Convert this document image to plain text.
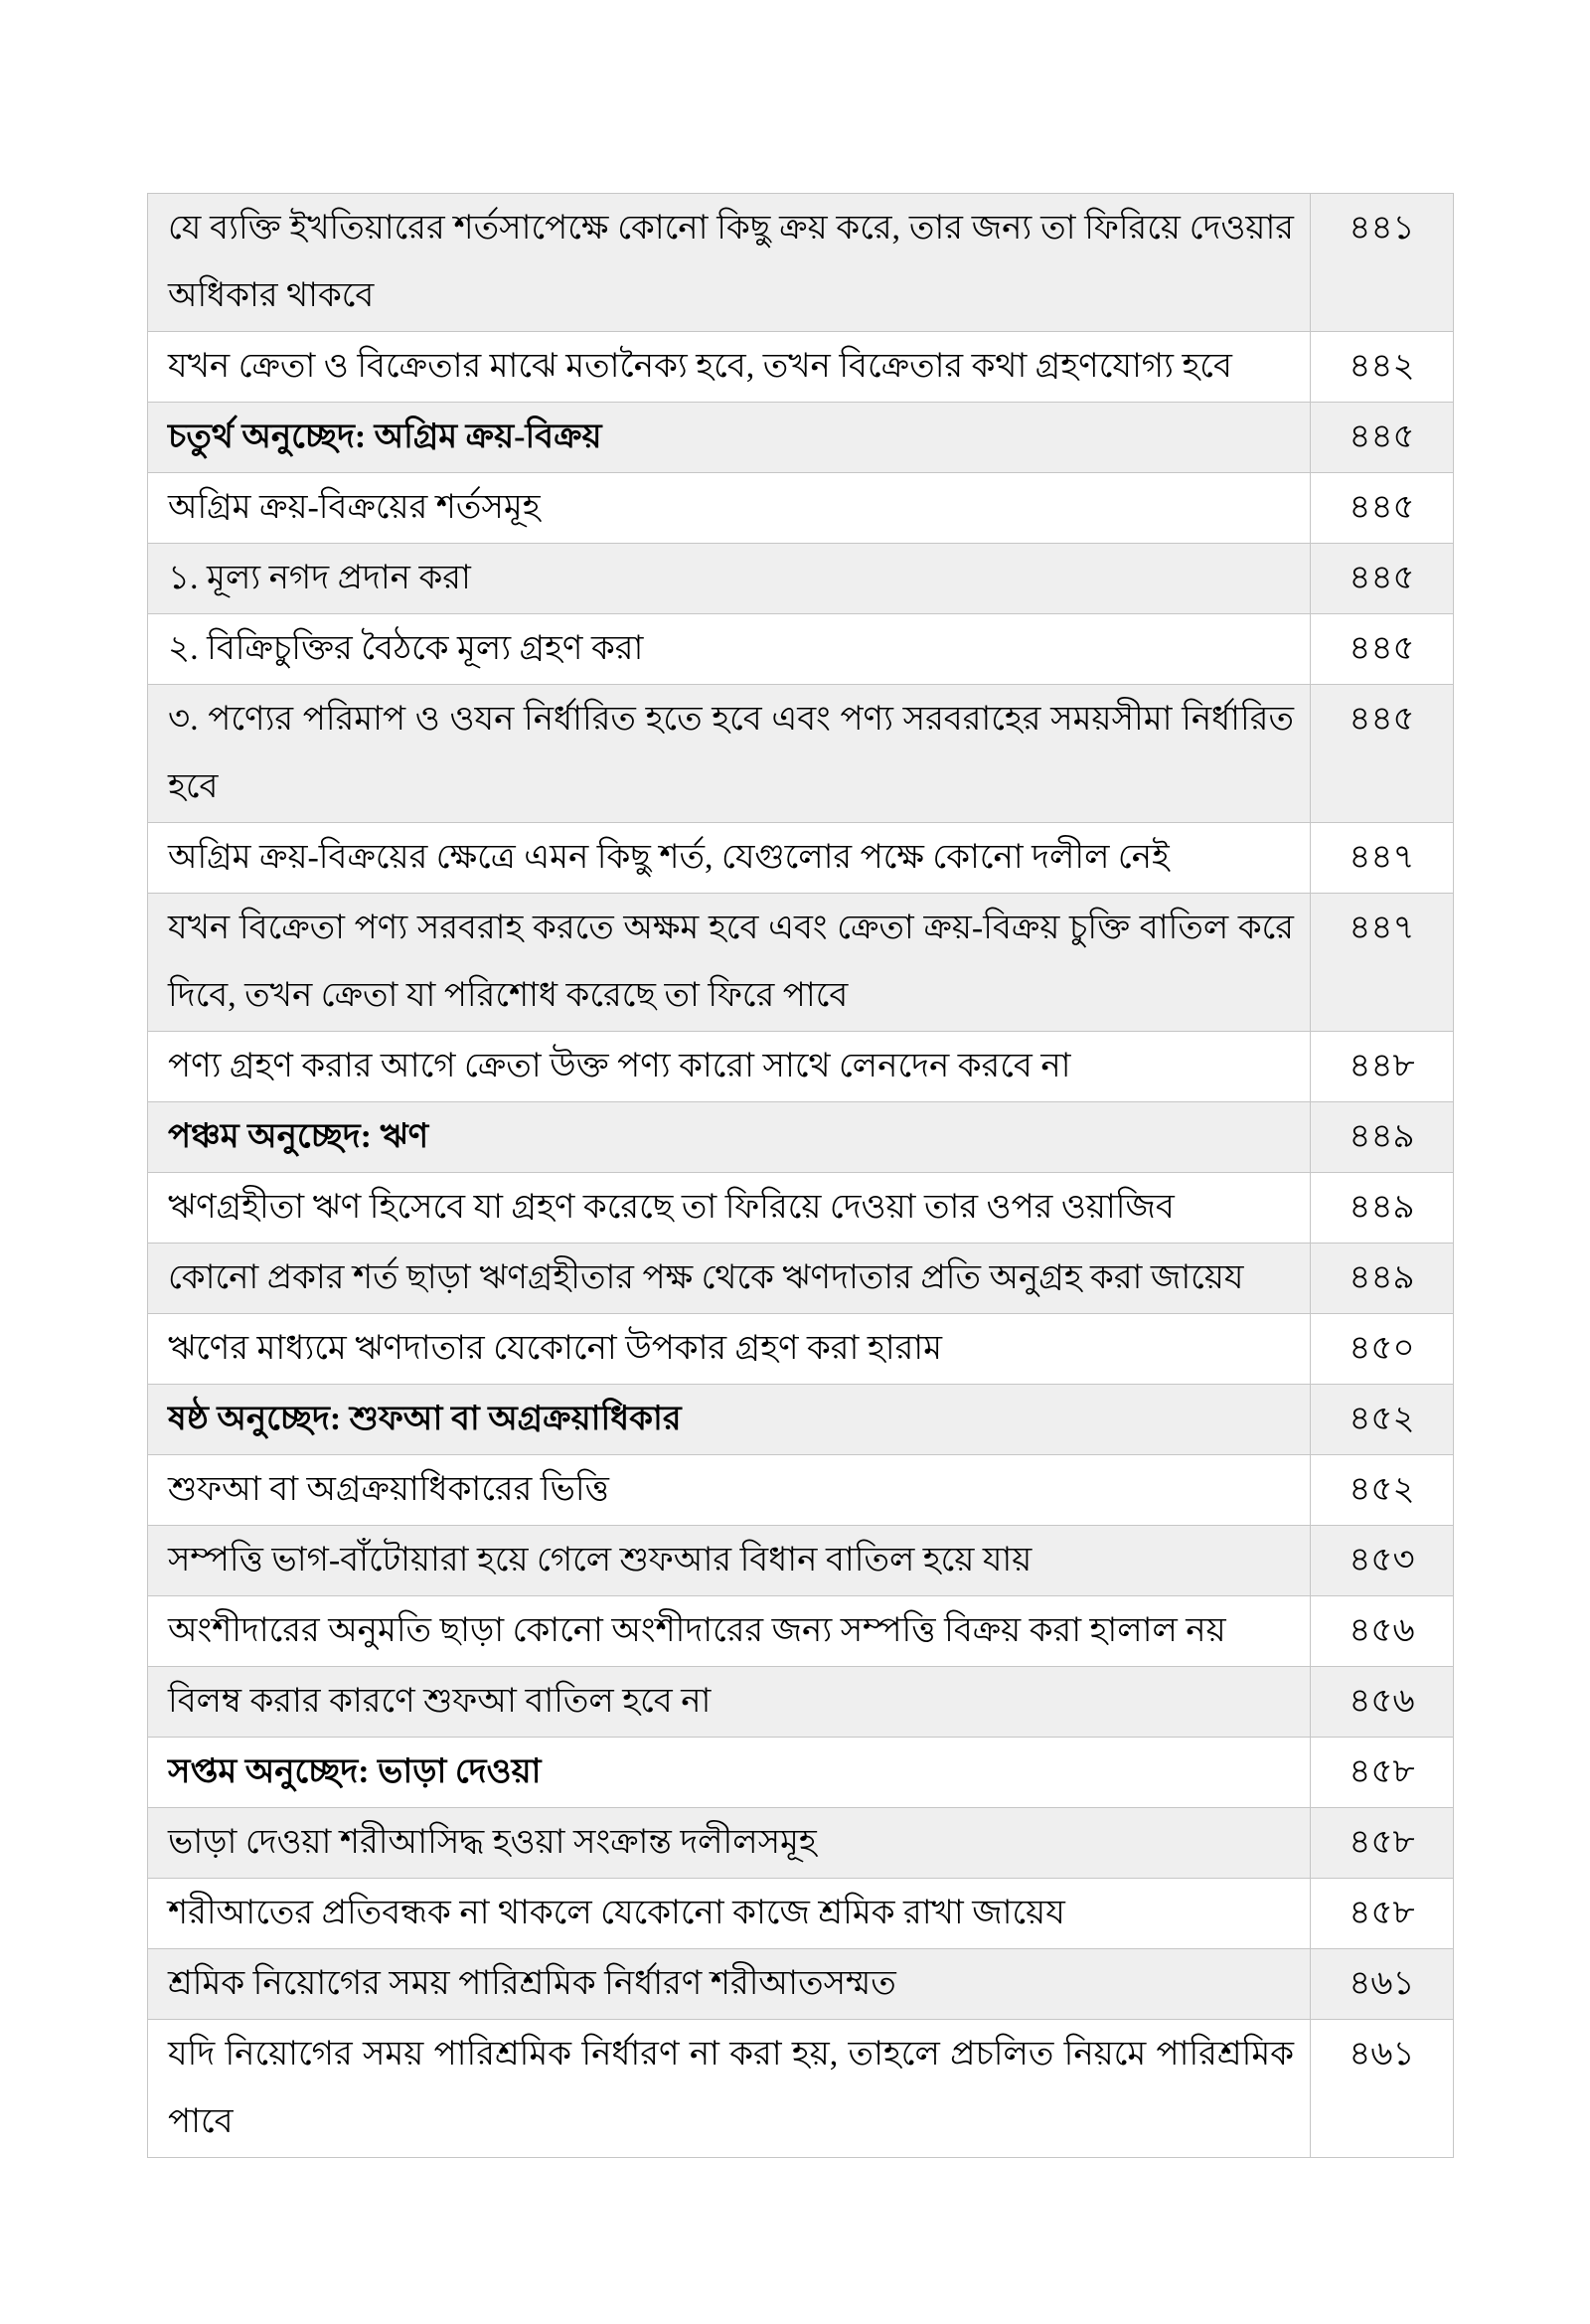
যে ব্যক্তি ইখতিয়ারের শর্তসাপেক্ষে কোনো কিছু ক্রয় করে, তার জন্য তা ফিরিয়ে দেওয়ার অধিকার থাকবে	৪৪১
যখন ক্রেতা ও বিক্রেতার মাঝে মতানৈক্য হবে, তখন বিক্রেতার কথা গ্রহণযোগ্য হবে	৪৪২
চতুর্থ অনুচ্ছেদ: অগ্রিম ক্রয়-বিক্রয়	৪৪৫
অগ্রিম ক্রয়-বিক্রয়ের শর্তসমূহ	৪৪৫
১. মূল্য নগদ প্রদান করা	৪৪৫
২. বিক্রিচুক্তির বৈঠকে মূল্য গ্রহণ করা	৪৪৫
৩. পণ্যের পরিমাপ ও ওযন নির্ধারিত হতে হবে এবং পণ্য সরবরাহের সময়সীমা নির্ধারিত হবে	৪৪৫
অগ্রিম ক্রয়-বিক্রয়ের ক্ষেত্রে এমন কিছু শর্ত, যেগুলোর পক্ষে কোনো দলীল নেই	৪৪৭
যখন বিক্রেতা পণ্য সরবরাহ করতে অক্ষম হবে এবং ক্রেতা ক্রয়-বিক্রয় চুক্তি বাতিল করে দিবে, তখন ক্রেতা যা পরিশোধ করেছে তা ফিরে পাবে	৪৪৭
পণ্য গ্রহণ করার আগে ক্রেতা উক্ত পণ্য কারো সাথে লেনদেন করবে না	৪৪৮
পঞ্চম অনুচ্ছেদ: ঋণ	৪৪৯
ঋণগ্রহীতা ঋণ হিসেবে যা গ্রহণ করেছে তা ফিরিয়ে দেওয়া তার ওপর ওয়াজিব	৪৪৯
কোনো প্রকার শর্ত ছাড়া ঋণগ্রহীতার পক্ষ থেকে ঋণদাতার প্রতি অনুগ্রহ করা জায়েয	৪৪৯
ঋণের মাধ্যমে ঋণদাতার যেকোনো উপকার গ্রহণ করা হারাম	৪৫০
ষষ্ঠ অনুচ্ছেদ: শুফআ বা অগ্রক্রয়াধিকার	৪৫২
শুফআ বা অগ্রক্রয়াধিকারের ভিত্তি	৪৫২
সম্পত্তি ভাগ-বাঁটোয়ারা হয়ে গেলে শুফআর বিধান বাতিল হয়ে যায়	৪৫৩
অংশীদারের অনুমতি ছাড়া কোনো অংশীদারের জন্য সম্পত্তি বিক্রয় করা হালাল নয়	৪৫৬
বিলম্ব করার কারণে শুফআ বাতিল হবে না	৪৫৬
সপ্তম অনুচ্ছেদ: ভাড়া দেওয়া	৪৫৮
ভাড়া দেওয়া শরীআসিদ্ধ হওয়া সংক্রান্ত দলীলসমূহ	৪৫৮
শরীআতের প্রতিবন্ধক না থাকলে যেকোনো কাজে শ্রমিক রাখা জায়েয	৪৫৮
শ্রমিক নিয়োগের সময় পারিশ্রমিক নির্ধারণ শরীআতসম্মত	৪৬১
যদি নিয়োগের সময় পারিশ্রমিক নির্ধারণ না করা হয়, তাহলে প্রচলিত নিয়মে পারিশ্রমিক পাবে	৪৬১
